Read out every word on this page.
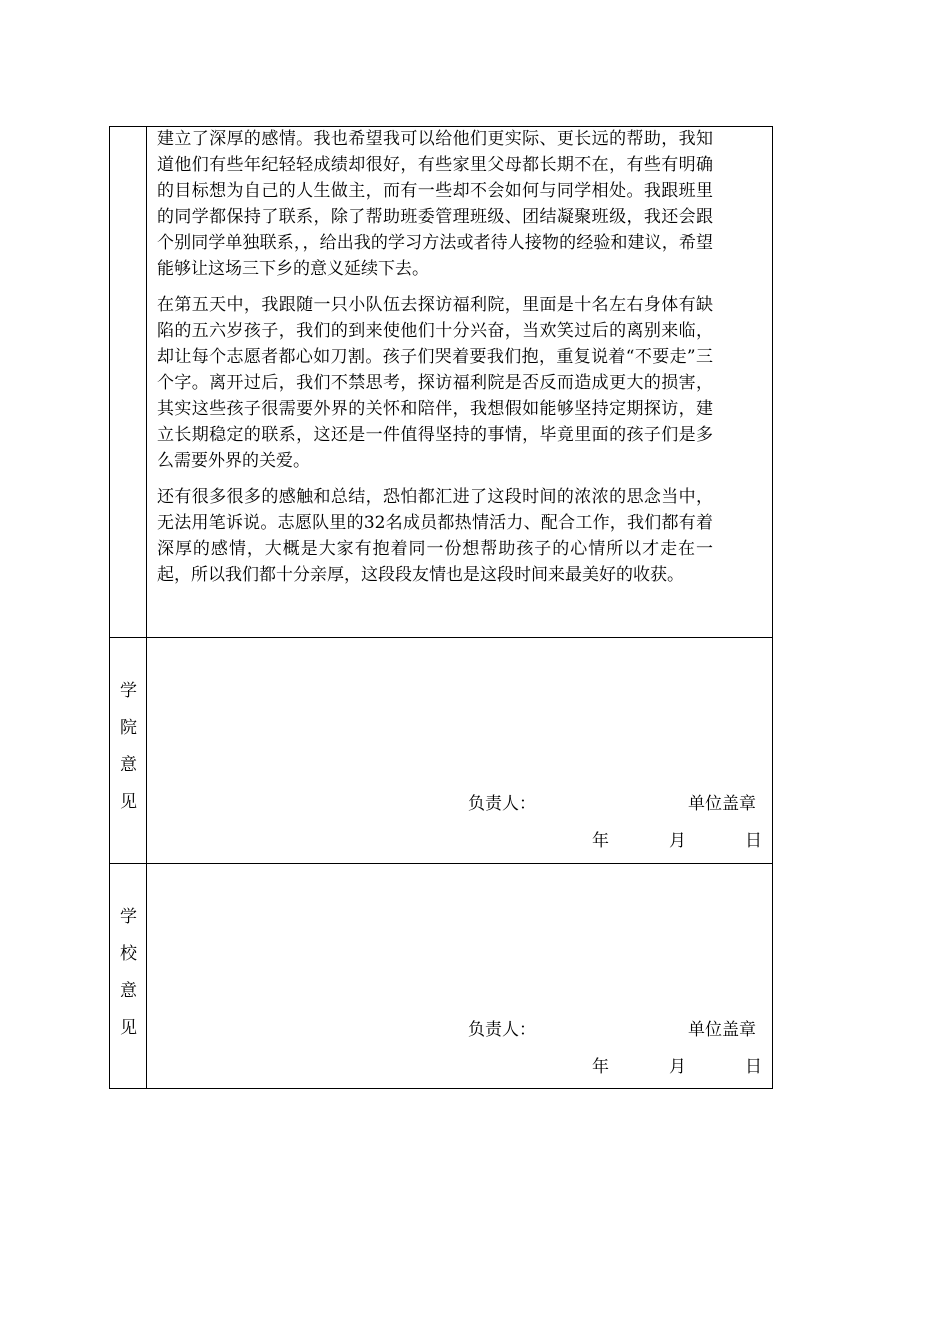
建立了深厚的感情。我也希望我可以给他们更实际、更长远的帮助，我知道他们有些年纪轻轻成绩却很好，有些家里父母都长期不在，有些有明确的目标想为自己的人生做主，而有一些却不会如何与同学相处。我跟班里的同学都保持了联系，除了帮助班委管理班级、团结凝聚班级，我还会跟个别同学单独联系，，给出我的学习方法或者待人接物的经验和建议，希望能够让这场三下乡的意义延续下去。

在第五天中，我跟随一只小队伍去探访福利院，里面是十名左右身体有缺陷的五六岁孩子，我们的到来使他们十分兴奋，当欢笑过后的离别来临，却让每个志愿者都心如刀割。孩子们哭着要我们抱，重复说着“不要走”三个字。离开过后，我们不禁思考，探访福利院是否反而造成更大的损害，其实这些孩子很需要外界的关怀和陪伴，我想假如能够坚持定期探访，建立长期稳定的联系，这还是一件值得坚持的事情，毕竟里面的孩子们是多么需要外界的关爱。

还有很多很多的感触和总结，恐怕都汇进了这段时间的浓浓的思念当中，无法用笔诉说。志愿队里的32名成员都热情活力、配合工作，我们都有着深厚的感情，大概是大家有抱着同一份想帮助孩子的心情所以才走在一起，所以我们都十分亲厚，这段段友情也是这段时间来最美好的收获。

学
院
意
见	负责人：	单位盖章
年	月	日
学
校
意
见	负责人：	单位盖章
年	月	日
